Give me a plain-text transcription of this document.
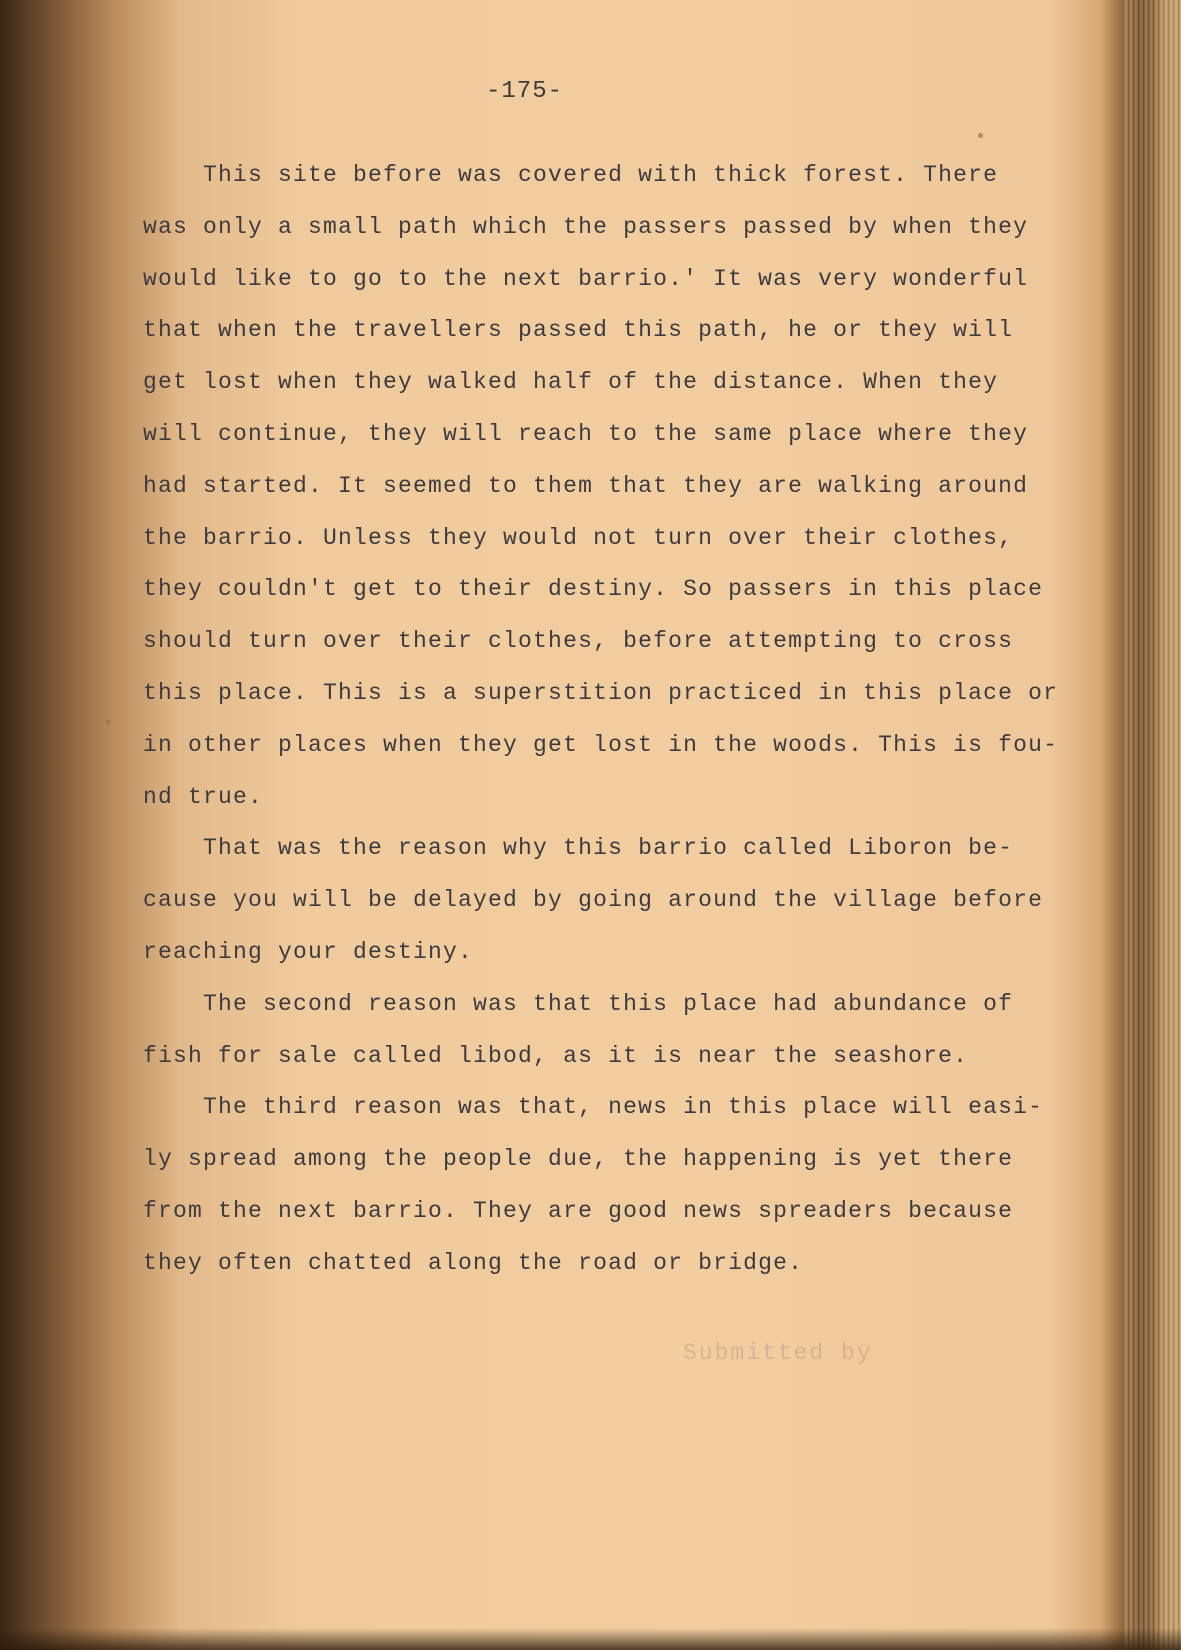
-175-
This site before was covered with thick forest. There
was only a small path which the passers passed by when they
would like to go to the next barrio.' It was very wonderful
that when the travellers passed this path, he or they will
get lost when they walked half of the distance. When they
will continue, they will reach to the same place where they
had started. It seemed to them that they are walking around
the barrio. Unless they would not turn over their clothes,
they couldn't get to their destiny. So passers in this place
should turn over their clothes, before attempting to cross
this place. This is a superstition practiced in this place or
in other places when they get lost in the woods. This is fou-
nd true.
That was the reason why this barrio called Liboron be-
cause you will be delayed by going around the village before
reaching your destiny.
The second reason was that this place had abundance of
fish for sale called libod, as it is near the seashore.
The third reason was that, news in this place will easi-
ly spread among the people due, the happening is yet there
from the next barrio. They are good news spreaders because
they often chatted along the road or bridge.
Submitted by
